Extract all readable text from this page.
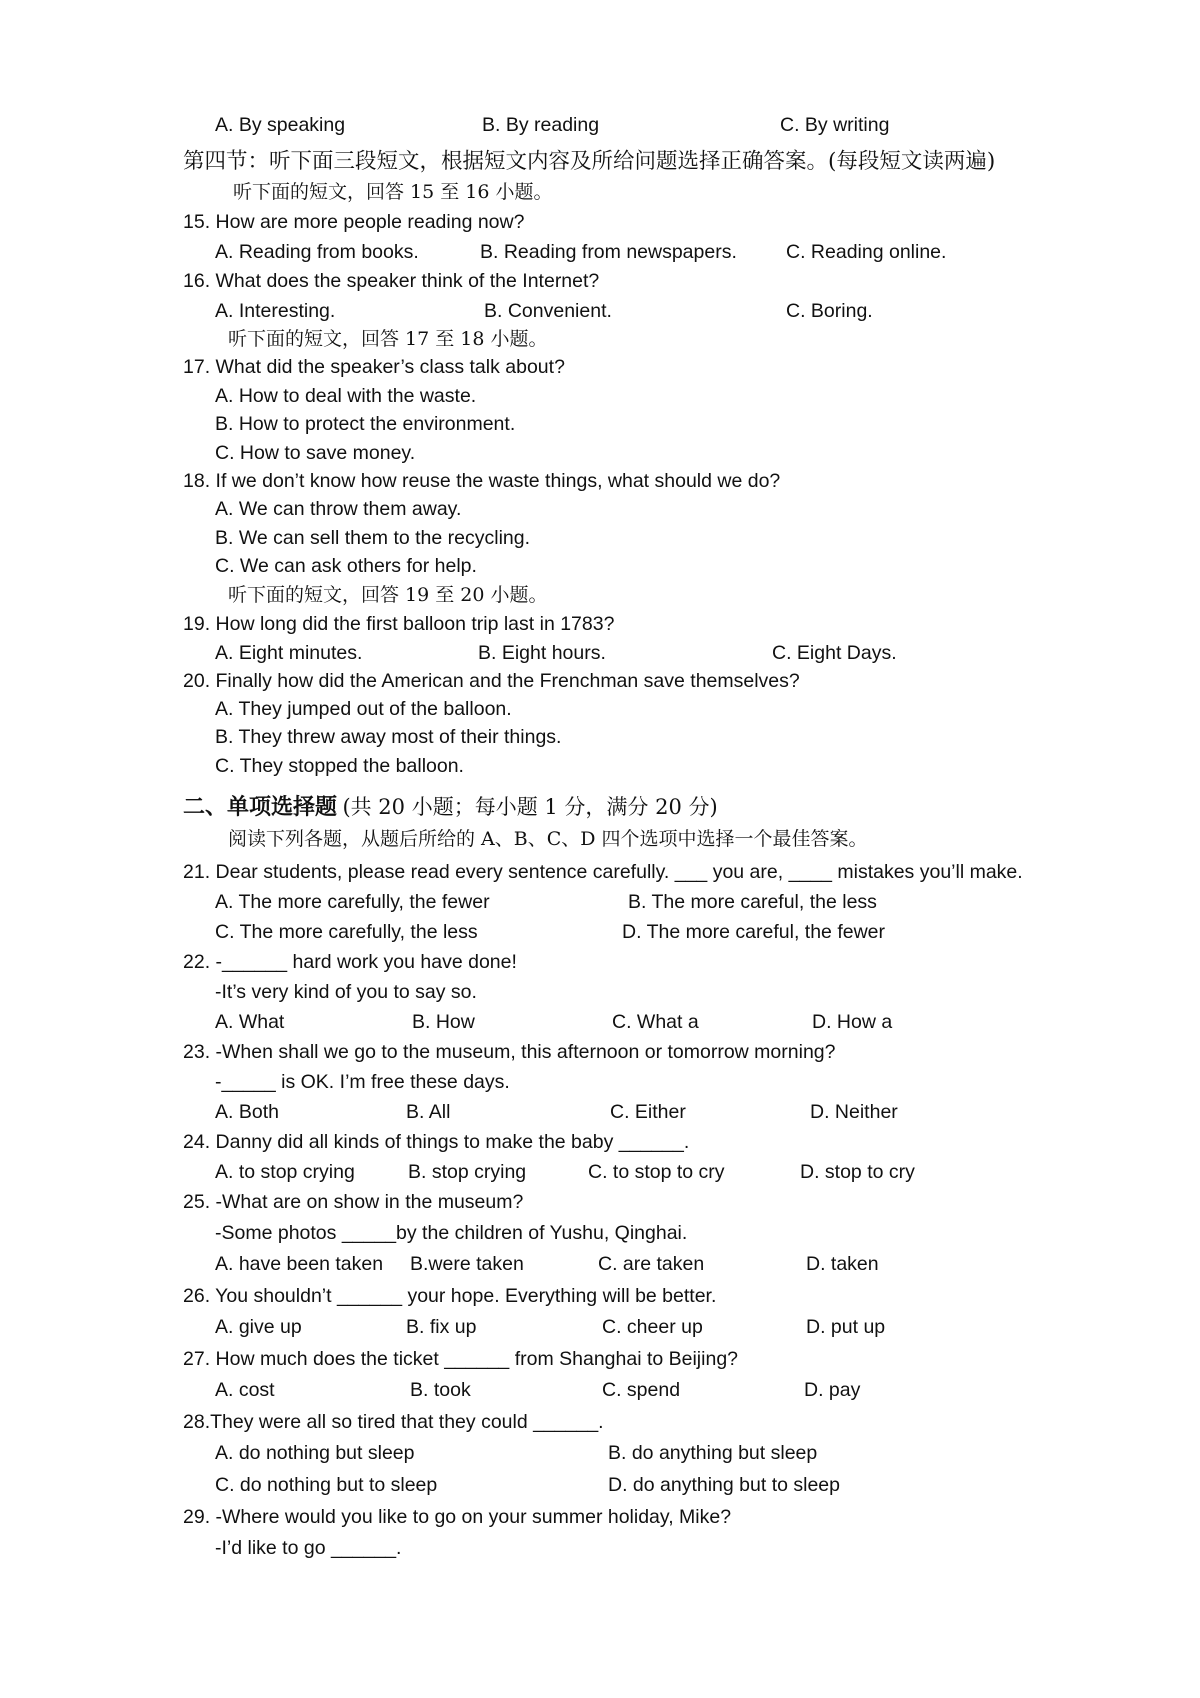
A. By speaking	B. By reading	C. By writing
第四节：听下面三段短文，根据短文内容及所给问题选择正确答案。(每段短文读两遍)
听下面的短文，回答 15 至 16 小题。
15. How are more people reading now?
A. Reading from books.	B. Reading from newspapers.	C. Reading online.
16. What does the speaker think of the Internet?
A. Interesting.	B. Convenient.	C. Boring.
听下面的短文，回答 17 至 18 小题。
17. What did the speaker’s class talk about?
A. How to deal with the waste.
B. How to protect the environment.
C. How to save money.
18. If we don’t know how reuse the waste things, what should we do?
A. We can throw them away.
B. We can sell them to the recycling.
C. We can ask others for help.
听下面的短文，回答 19 至 20 小题。
19. How long did the first balloon trip last in 1783?
A. Eight minutes.	B. Eight hours.	C. Eight Days.
20. Finally how did the American and the Frenchman save themselves?
A. They jumped out of the balloon.
B. They threw away most of their things.
C. They stopped the balloon.
二、单项选择题 (共 20 小题；每小题 1 分，满分 20 分)
阅读下列各题，从题后所给的 A、B、C、D 四个选项中选择一个最佳答案。
21. Dear students, please read every sentence carefully. ___ you are, ____ mistakes you’ll make.
A. The more carefully, the fewer	B. The more careful, the less
C. The more carefully, the less	D. The more careful, the fewer
22. -______ hard work you have done!
-It’s very kind of you to say so.
A. What	B. How	C. What a	D. How a
23. -When shall we go to the museum, this afternoon or tomorrow morning?
-_____ is OK. I’m free these days.
A. Both	B. All	C. Either	D. Neither
24. Danny did all kinds of things to make the baby ______.
A. to stop crying	B. stop crying	C. to stop to cry	D. stop to cry
25. -What are on show in the museum?
-Some photos _____by the children of Yushu, Qinghai.
A. have been taken B.were taken	C. are taken	D. taken
26. You shouldn’t ______ your hope. Everything will be better.
A. give up	B. fix up	C. cheer up	D. put up
27. How much does the ticket ______ from Shanghai to Beijing?
A. cost	B. took	C. spend	D. pay
28.They were all so tired that they could ______.
A. do nothing but sleep	B. do anything but sleep
C. do nothing but to sleep	D. do anything but to sleep
29. -Where would you like to go on your summer holiday, Mike?
-I’d like to go ______.
